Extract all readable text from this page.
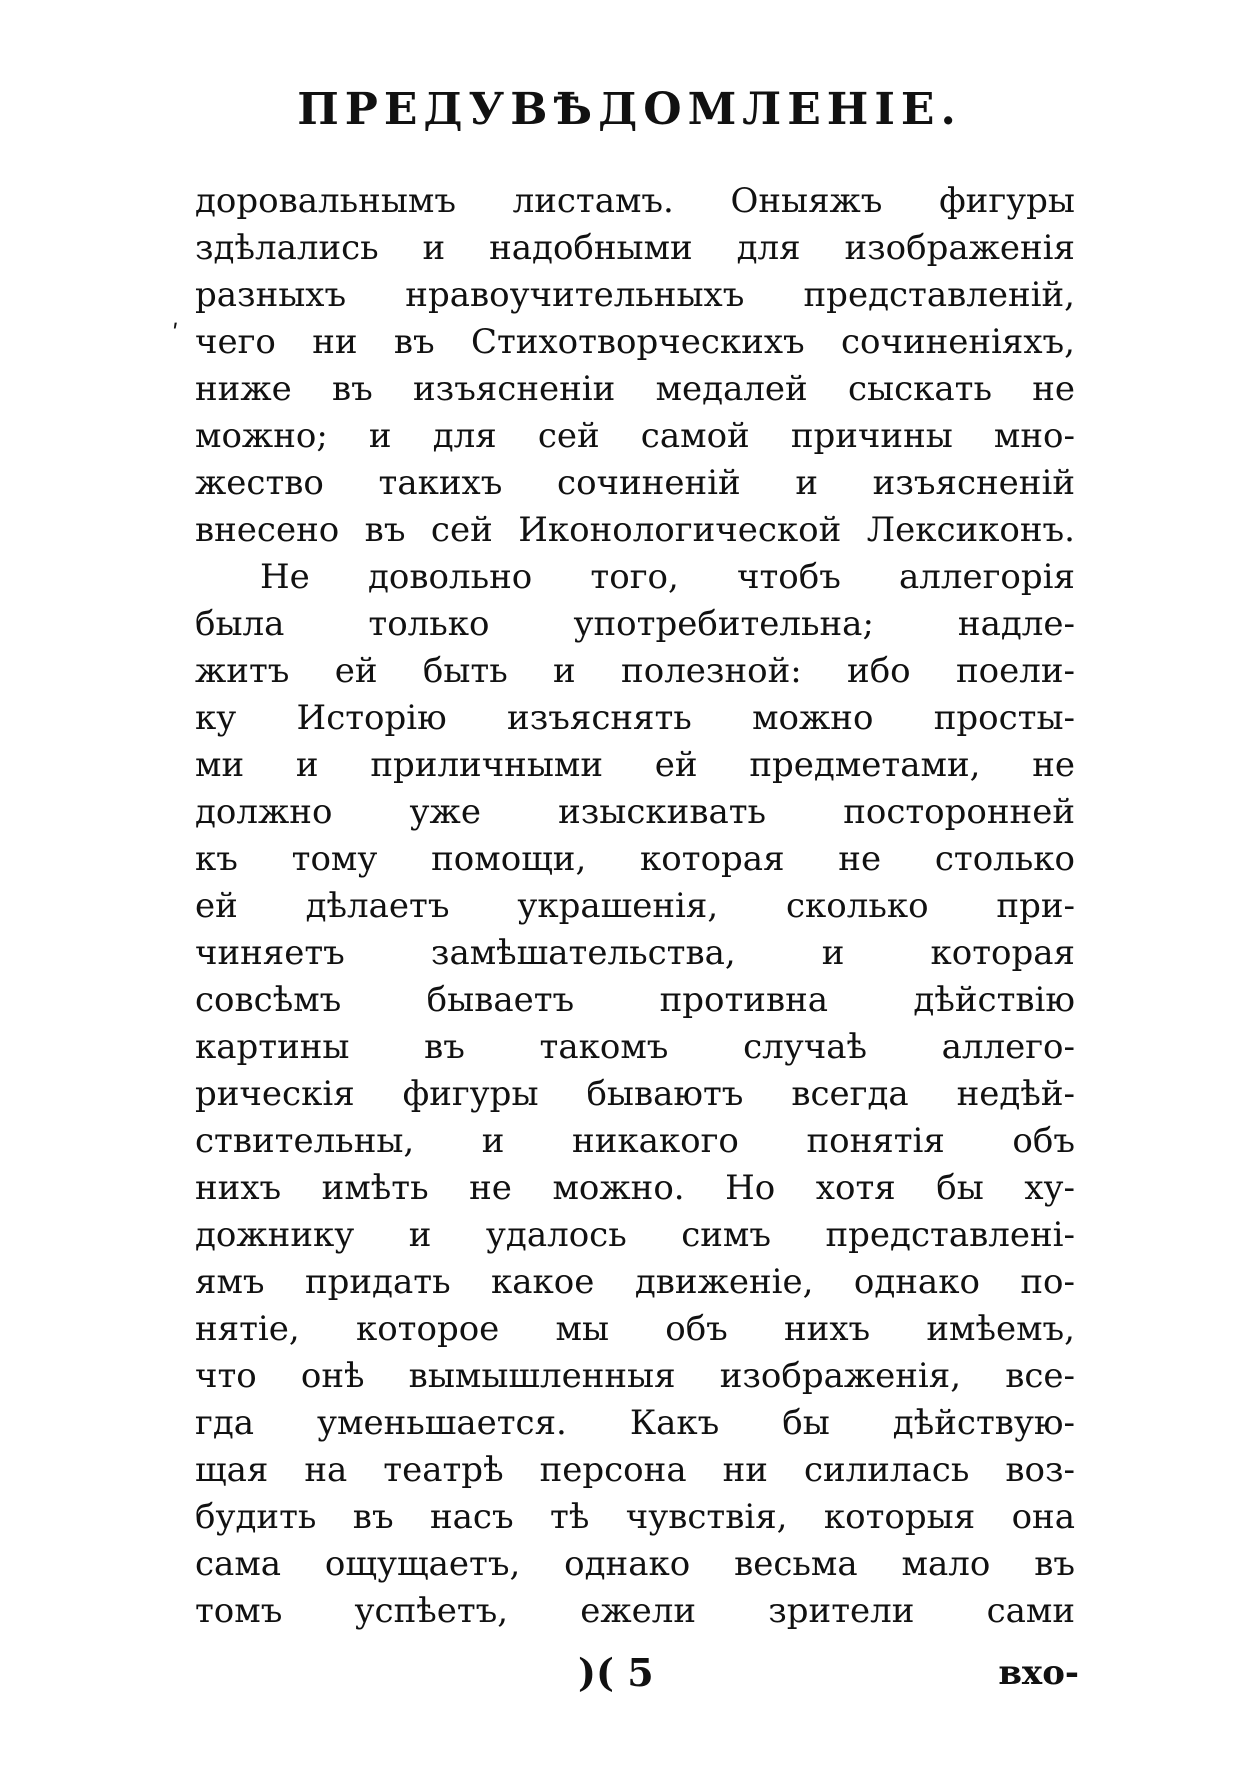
ПРЕДУВѢДОМЛЕНІЕ.
ʹ
доровальнымъ листамъ. Оныяжъ фигуры
здѣлались и надобными для изображенія
разныхъ нравоучительныхъ представленій,
чего ни въ Стихотворческихъ сочиненіяхъ,
ниже въ изъясненіи медалей сыскать не
можно; и для сей самой причины мно-
жество такихъ сочиненій и изъясненій
внесено въ сей Иконологической Лексиконъ.
Не довольно того, чтобъ аллегорія
была только употребительна; надле-
житъ ей быть и полезной: ибо поели-
ку Исторію изъяснять можно просты-
ми и приличными ей предметами, не
должно уже изыскивать посторонней
къ тому помощи, которая не столько
ей дѣлаетъ украшенія, сколько при-
чиняетъ замѣшательства, и которая
совсѣмъ бываетъ противна дѣйствію
картины въ такомъ случаѣ аллего-
рическія фигуры бываютъ всегда недѣй-
ствительны, и никакого понятія объ
нихъ имѣть не можно. Но хотя бы ху-
дожнику и удалось симъ представлені-
ямъ придать какое движеніе, однако по-
нятіе, которое мы объ нихъ имѣемъ,
что онѣ вымышленныя изображенія, все-
гда уменьшается. Какъ бы дѣйствую-
щая на театрѣ персона ни силилась воз-
будить въ насъ тѣ чувствія, которыя она
сама ощущаетъ, однако весьма мало въ
томъ успѣетъ, ежели зрители сами
)( 5	вхо-
